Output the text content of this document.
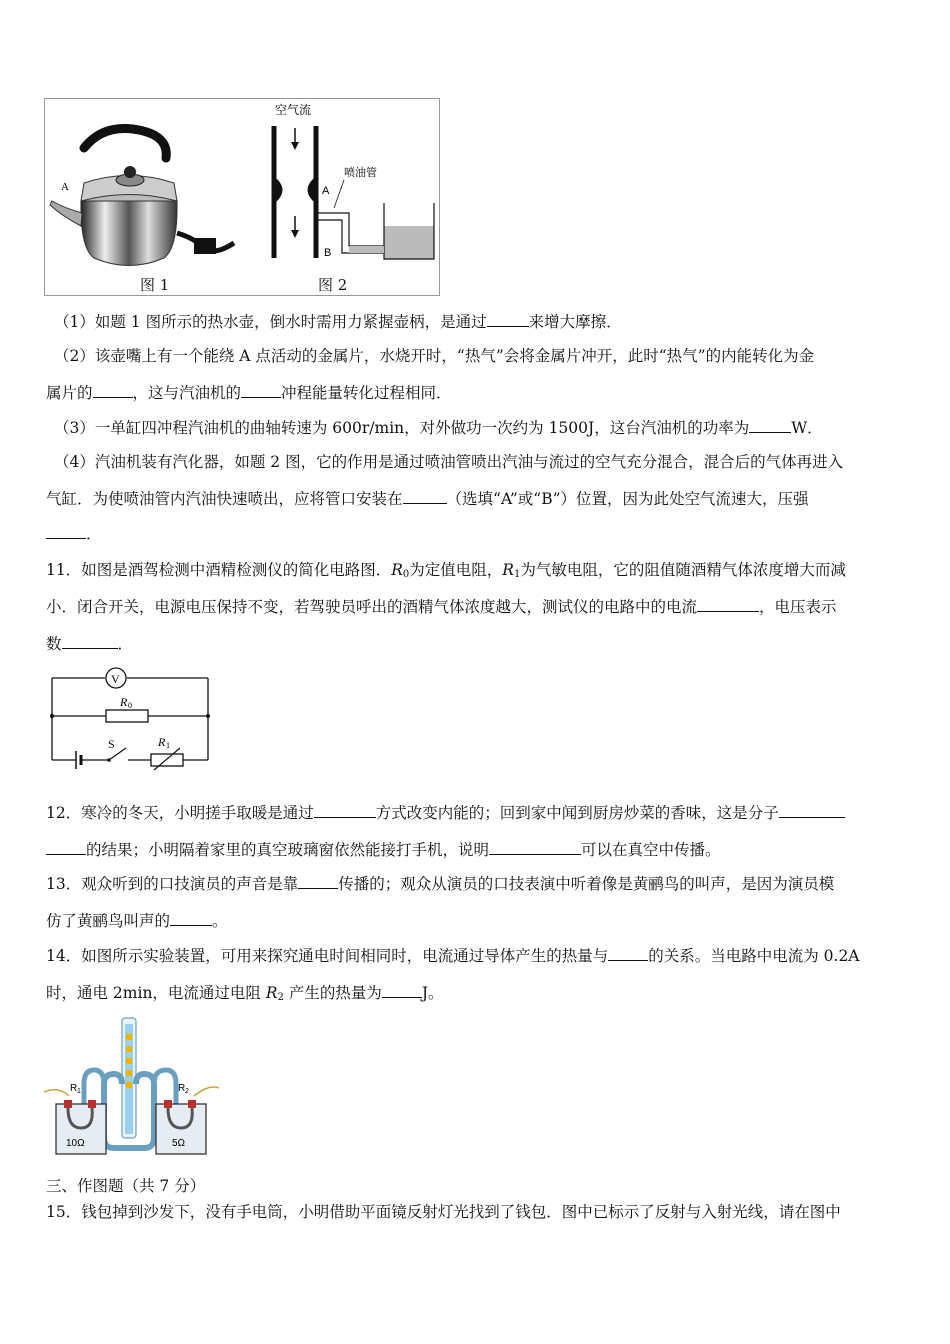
A
空气流
A
B
喷油管
图 1	图 2
（1）如题 1 图所示的热水壶，倒水时需用力紧握壶柄，是通过	来增大摩擦．
（2）该壶嘴上有一个能绕 A 点活动的金属片，水烧开时，“热气”会将金属片冲开，此时“热气”的内能转化为金
属片的	，这与汽油机的	冲程能量转化过程相同．
（3）一单缸四冲程汽油机的曲轴转速为 600r/min，对外做功一次约为 1500J，这台汽油机的功率为	W．
（4）汽油机装有汽化器，如题 2 图，它的作用是通过喷油管喷出汽油与流过的空气充分混合，混合后的气体再进入
气缸．为使喷油管内汽油快速喷出，应将管口安装在	（选填“A”或“B”）位置，因为此处空气流速大，压强
．
11．如图是酒驾检测中酒精检测仪的简化电路图．$R_0$为定值电阻，$R_1$为气敏电阻，它的阻值随酒精气体浓度增大而减
小．闭合开关，电源电压保持不变，若驾驶员呼出的酒精气体浓度越大，测试仪的电路中的电流	，电压表示
数	．
V
R 0
S	R 1
12．寒冷的冬天，小明搓手取暖是通过	方式改变内能的；回到家中闻到厨房炒菜的香味，这是分子
的结果；小明隔着家里的真空玻璃窗依然能接打手机，说明	可以在真空中传播。
13．观众听到的口技演员的声音是靠	传播的；观众从演员的口技表演中听着像是黄鹂鸟的叫声，是因为演员模
仿了黄鹂鸟叫声的	。
14．如图所示实验装置，可用来探究通电时间相同时，电流通过导体产生的热量与	的关系。当电路中电流为 0.2A
时，通电 2min，电流通过电阻 $R_2$ 产生的热量为	J。
R 1
10Ω
R 2
5Ω
三、作图题（共 7 分）
15．钱包掉到沙发下，没有手电筒，小明借助平面镜反射灯光找到了钱包．图中已标示了反射与入射光线，请在图中
